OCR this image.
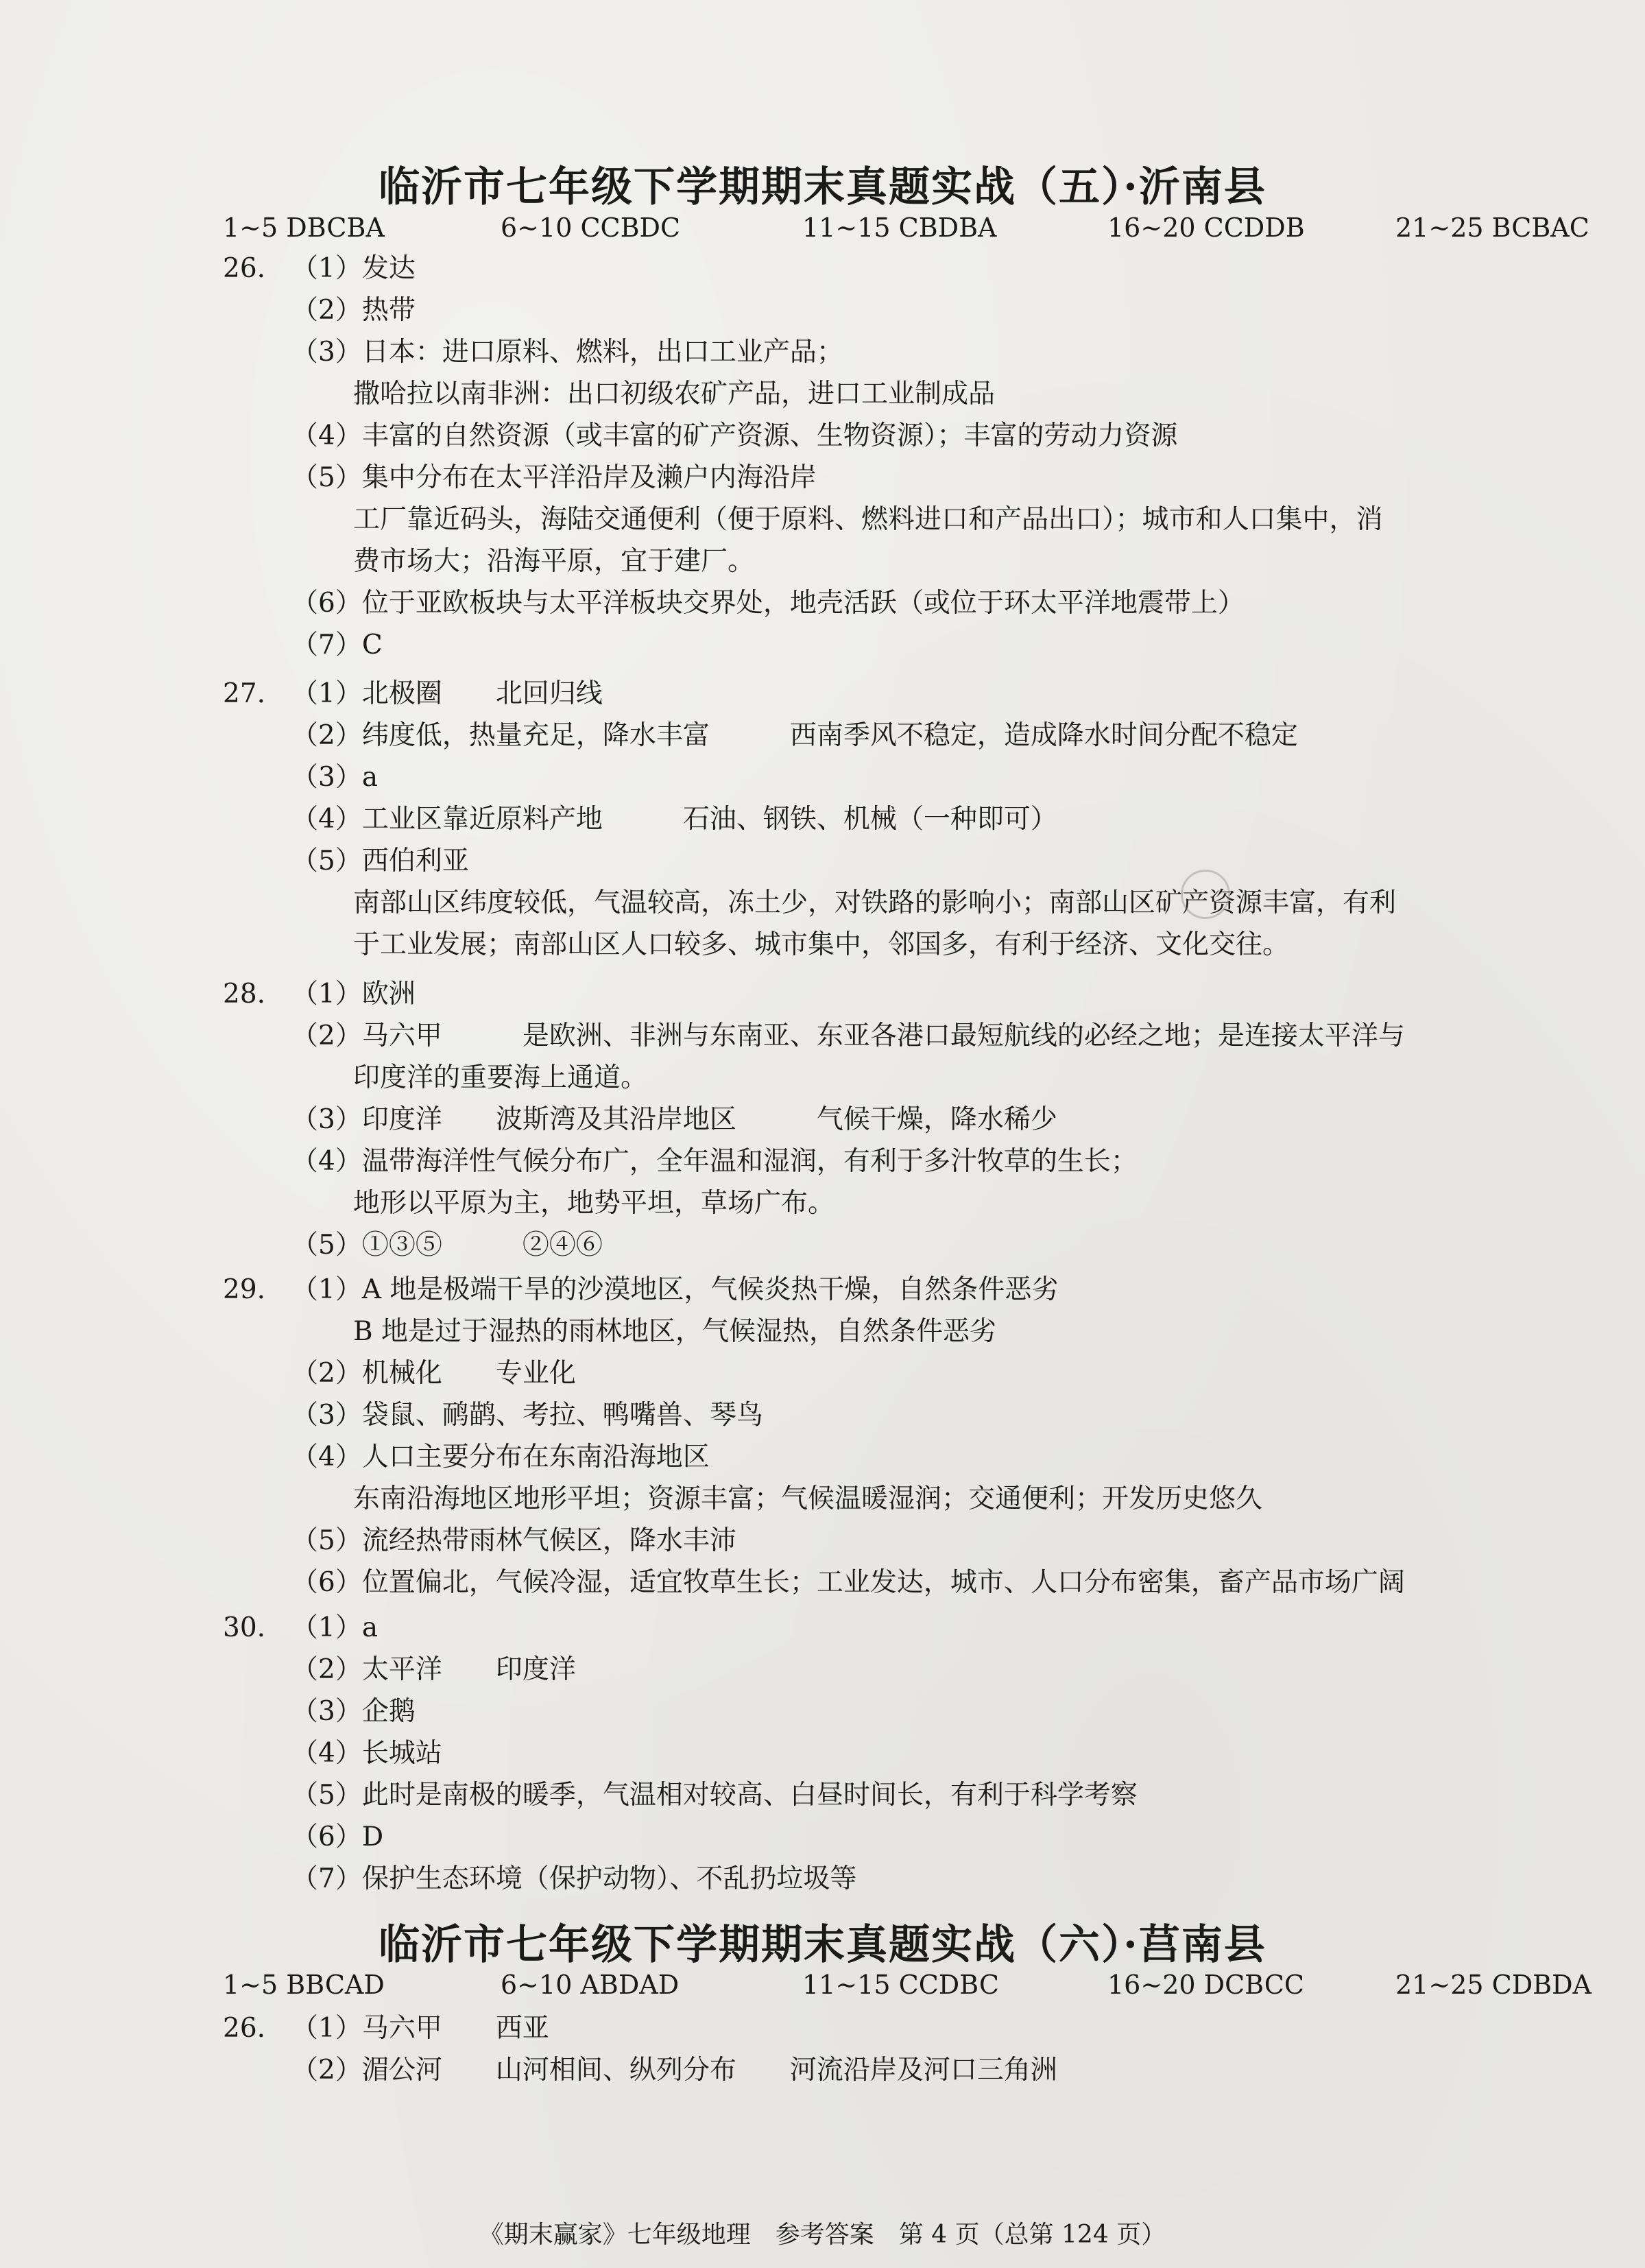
临沂市七年级下学期期末真题实战（五）·沂南县
1~5 DBCBA	6~10 CCBDC	11~15 CBDBA	16~20 CCDDB	21~25 BCBAC
26. （1）发达
（2）热带
（3）日本：进口原料、燃料，出口工业产品；
撒哈拉以南非洲：出口初级农矿产品，进口工业制成品
（4）丰富的自然资源（或丰富的矿产资源、生物资源）；丰富的劳动力资源
（5）集中分布在太平洋沿岸及濑户内海沿岸
工厂靠近码头，海陆交通便利（便于原料、燃料进口和产品出口）；城市和人口集中，消
费市场大；沿海平原，宜于建厂。
（6）位于亚欧板块与太平洋板块交界处，地壳活跃（或位于环太平洋地震带上）
（7）C
27. （1）北极圈　　北回归线
（2）纬度低，热量充足，降水丰富　　　西南季风不稳定，造成降水时间分配不稳定
（3）a
（4）工业区靠近原料产地　　　石油、钢铁、机械（一种即可）
（5）西伯利亚
南部山区纬度较低，气温较高，冻土少，对铁路的影响小；南部山区矿产资源丰富，有利
于工业发展；南部山区人口较多、城市集中，邻国多，有利于经济、文化交往。
28. （1）欧洲
（2）马六甲　　　是欧洲、非洲与东南亚、东亚各港口最短航线的必经之地；是连接太平洋与
印度洋的重要海上通道。
（3）印度洋　　波斯湾及其沿岸地区　　　气候干燥，降水稀少
（4）温带海洋性气候分布广，全年温和湿润，有利于多汁牧草的生长；
地形以平原为主，地势平坦，草场广布。
（5）①③⑤　　　②④⑥
29. （1）A 地是极端干旱的沙漠地区，气候炎热干燥，自然条件恶劣
B 地是过于湿热的雨林地区，气候湿热，自然条件恶劣
（2）机械化　　专业化
（3）袋鼠、鸸鹋、考拉、鸭嘴兽、琴鸟
（4）人口主要分布在东南沿海地区
东南沿海地区地形平坦；资源丰富；气候温暖湿润；交通便利；开发历史悠久
（5）流经热带雨林气候区，降水丰沛
（6）位置偏北，气候冷湿，适宜牧草生长；工业发达，城市、人口分布密集，畜产品市场广阔
30. （1）a
（2）太平洋　　印度洋
（3）企鹅
（4）长城站
（5）此时是南极的暖季，气温相对较高、白昼时间长，有利于科学考察
（6）D
（7）保护生态环境（保护动物）、不乱扔垃圾等
临沂市七年级下学期期末真题实战（六）·莒南县
1~5 BBCAD	6~10 ABDAD	11~15 CCDBC	16~20 DCBCC	21~25 CDBDA
26. （1）马六甲　　西亚
（2）湄公河　　山河相间、纵列分布　　河流沿岸及河口三角洲
《期末赢家》七年级地理　参考答案　第 4 页（总第 124 页）
